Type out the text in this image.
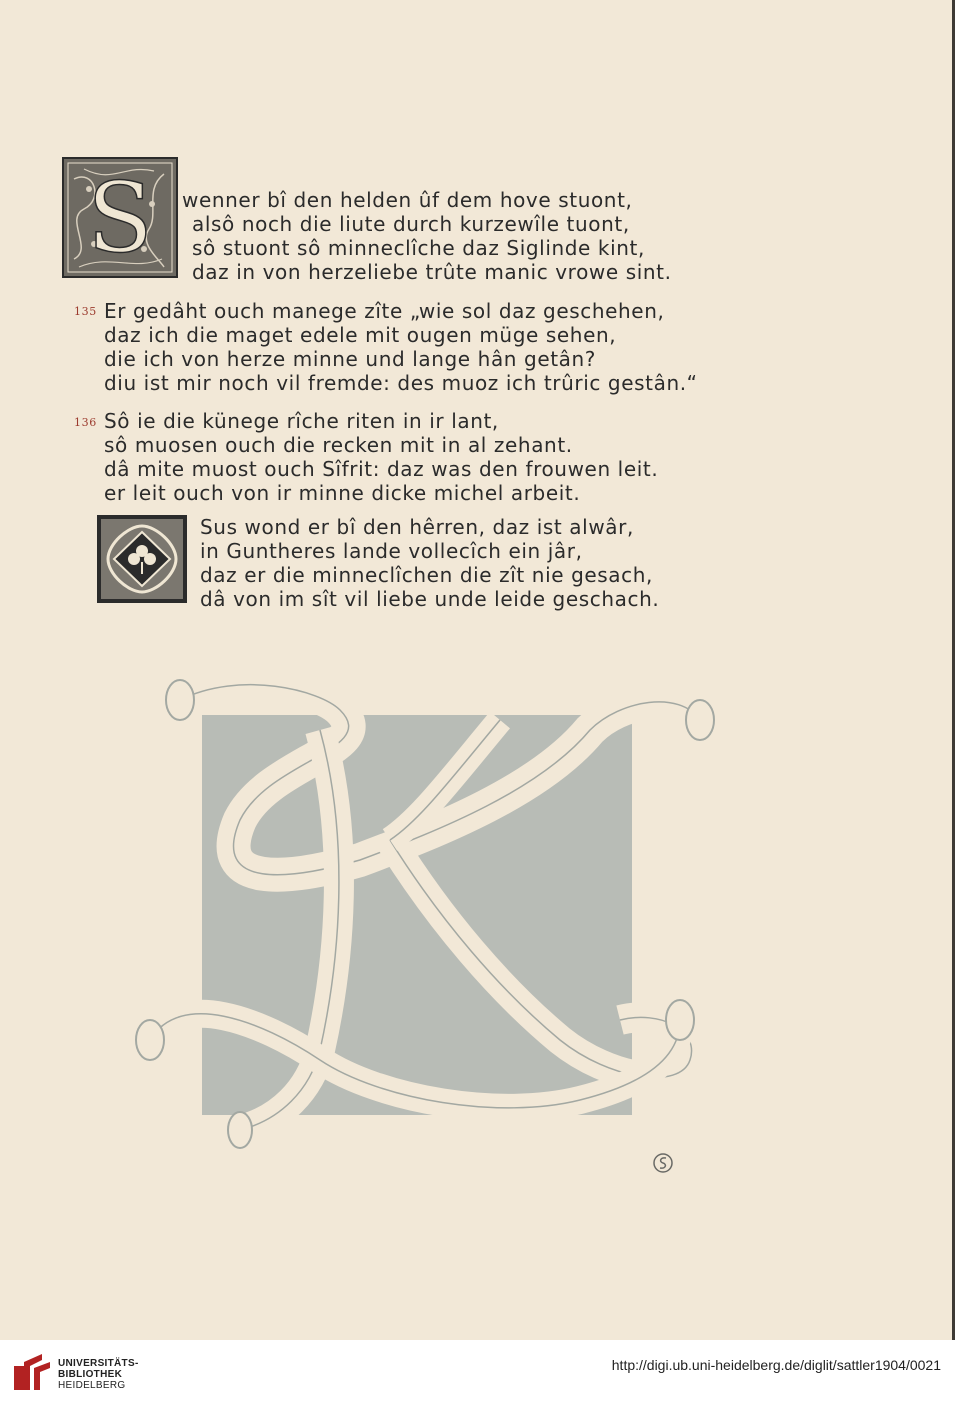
S wenner bî den helden ûf dem hove stuont,
alsô noch die liute durch kurzewîle tuont,
sô stuont sô minneclîche daz Siglinde kint,
daz in von herzeliebe trûte manic vrowe sint.
135 Er gedâht ouch manege zîte „wie sol daz geschehen,
daz ich die maget edele mit ougen müge sehen,
die ich von herze minne und lange hân getân?
diu ist mir noch vil fremde: des muoz ich trûric gestân.“
136 Sô ie die künege rîche riten in ir lant,
sô muosen ouch die recken mit in al zehant.
dâ mite muost ouch Sîfrit: daz was den frouwen leit.
er leit ouch von ir minne dicke michel arbeit.
Sus wond er bî den hêrren, daz ist alwâr,
in Guntheres lande vollecîch ein jâr,
daz er die minneclîchen die zît nie gesach,
dâ von im sît vil liebe unde leide geschach.
UNIVERSITÄTS-
BIBLIOTHEK
HEIDELBERG
http://digi.ub.uni-heidelberg.de/diglit/sattler1904/0021
